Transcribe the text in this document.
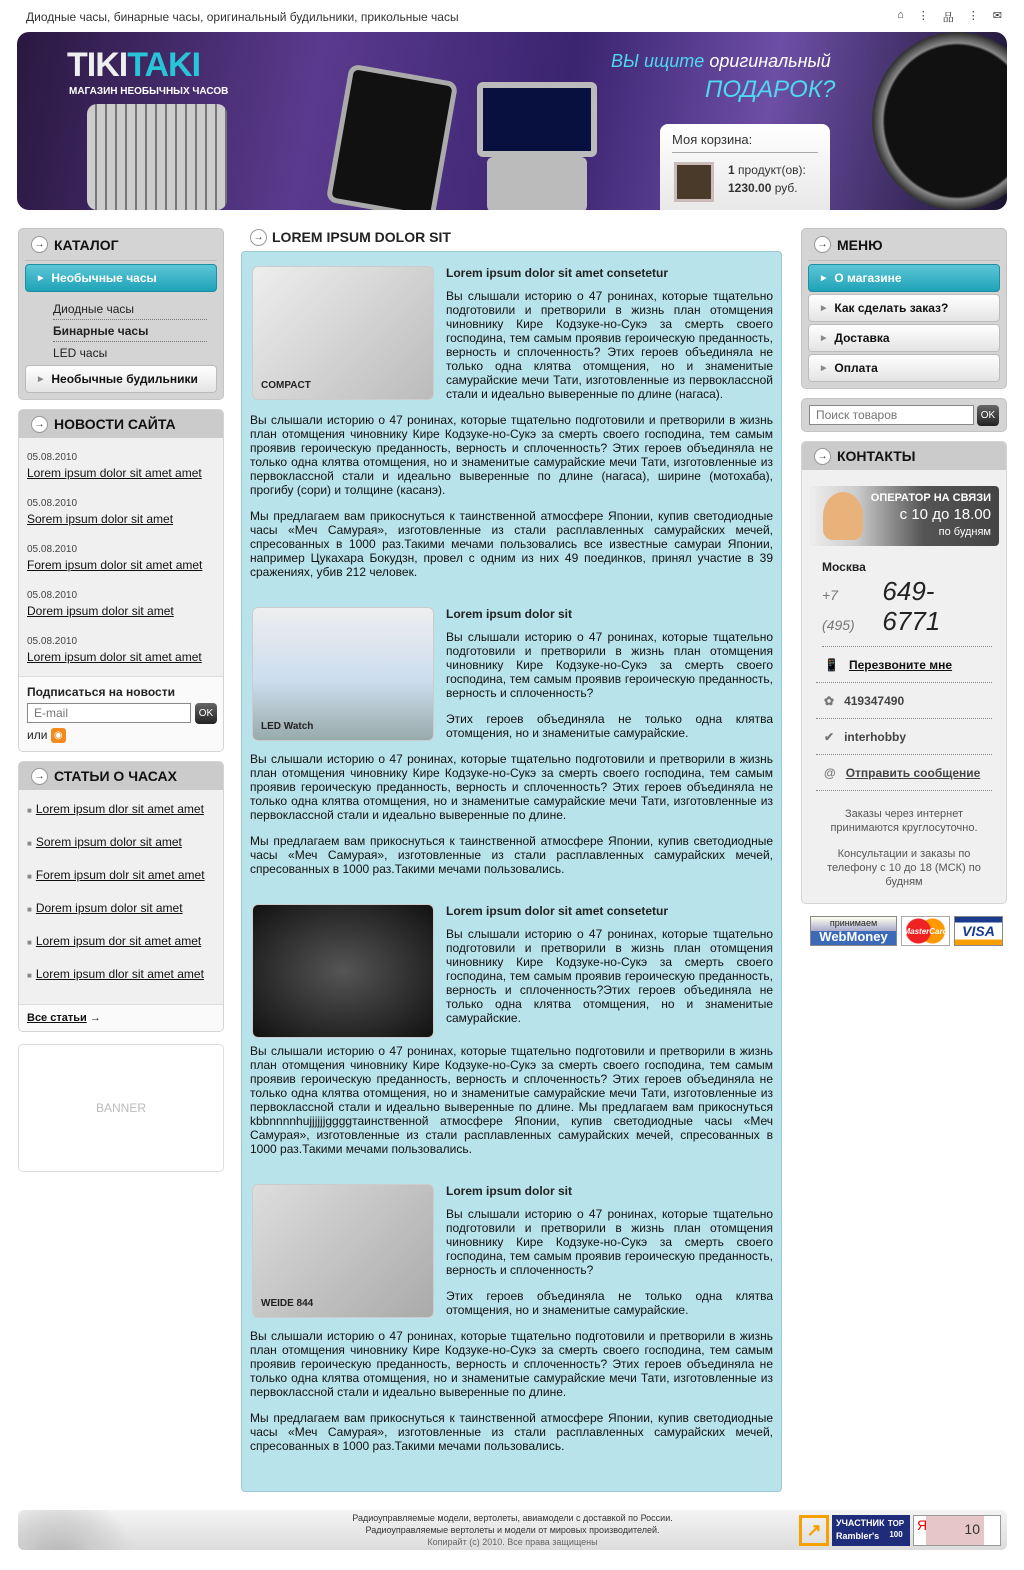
Диодные часы, бинарные часы, оригинальный будильники, прикольные часы	⌂ ⋮ 品 ⋮ ✉
TIKITAKI
МАГАЗИН НЕОБЫЧНЫХ ЧАСОВ
ВЫ ищите оригинальный
ПОДАРОК?
Моя корзина:
1 продукт(ов):
1230.00 руб.
→ КАТАЛОГ
▶ Необычные часы
Диодные часы
Бинарные часы
LED часы
▶ Необычные будильники
→ НОВОСТИ САЙТА
05.08.2010
Lorem ipsum dolor sit amet amet
05.08.2010
Sorem ipsum dolor sit amet
05.08.2010
Forem ipsum dolor sit amet amet
05.08.2010
Dorem ipsum dolor sit amet
05.08.2010
Lorem ipsum dolor sit amet amet
Подписаться на новости
E-mail
OK
или ◉
→ СТАТЬИ О ЧАСАХ
■ Lorem ipsum dlor sit amet amet
■ Sorem ipsum dolor sit amet
■ Forem ipsum dolr sit amet amet
■ Dorem ipsum dolor sit amet
■ Lorem ipsum dor sit amet amet
■ Lorem ipsum dlor sit amet amet
Все статьи →
BANNER
→ LOREM IPSUM DOLOR SIT
COMPACT
Lorem ipsum dolor sit amet consetetur

Вы слышали историю о 47 ронинах, которые тщательно подготовили и претворили в жизнь план отомщения чиновнику Кире Кодзуке-но-Сукэ за смерть своего господина, тем самым проявив героическую преданность, верность и сплоченность? Этих героев объединяла не только одна клятва отомщения, но и знаменитые самурайские мечи Тати, изготовленные из первоклассной стали и идеально выверенные по длине (нагаса).

Вы слышали историю о 47 ронинах, которые тщательно подготовили и претворили в жизнь план отомщения чиновнику Кире Кодзуке-но-Сукэ за смерть своего господина, тем самым проявив героическую преданность, верность и сплоченность? Этих героев объединяла не только одна клятва отомщения, но и знаменитые самурайские мечи Тати, изготовленные из первоклассной стали и идеально выверенные по длине (нагаса), ширине (мотохаба), прогибу (сори) и толщине (касанэ).

Мы предлагаем вам прикоснуться к таинственной атмосфере Японии, купив светодиодные часы «Меч Самурая», изготовленные из стали расплавленных самурайских мечей, спресованных в 1000 раз.Такими мечами пользовались все известные самураи Японии, например Цукахара Бокудзн, провел с одним из них 49 поединков, принял участие в 39 сражениях, убив 212 человек.

LED Watch
Lorem ipsum dolor sit

Вы слышали историю о 47 ронинах, которые тщательно подготовили и претворили в жизнь план отомщения чиновнику Кире Кодзуке-но-Сукэ за смерть своего господина, тем самым проявив героическую преданность, верность и сплоченность?

Этих героев объединяла не только одна клятва отомщения, но и знаменитые самурайские.

Вы слышали историю о 47 ронинах, которые тщательно подготовили и претворили в жизнь план отомщения чиновнику Кире Кодзуке-но-Сукэ за смерть своего господина, тем самым проявив героическую преданность, верность и сплоченность? Этих героев объединяла не только одна клятва отомщения, но и знаменитые самурайские мечи Тати, изготовленные из первоклассной стали и идеально выверенные по длине.

Мы предлагаем вам прикоснуться к таинственной атмосфере Японии, купив светодиодные часы «Меч Самурая», изготовленные из стали расплавленных самурайских мечей, спресованных в 1000 раз.Такими мечами пользовались.

Lorem ipsum dolor sit amet consetetur

Вы слышали историю о 47 ронинах, которые тщательно подготовили и претворили в жизнь план отомщения чиновнику Кире Кодзуке-но-Сукэ за смерть своего господина, тем самым проявив героическую преданность, верность и сплоченность?Этих героев объединяла не только одна клятва отомщения, но и знаменитые самурайские.

Вы слышали историю о 47 ронинах, которые тщательно подготовили и претворили в жизнь план отомщения чиновнику Кире Кодзуке-но-Сукэ за смерть своего господина, тем самым проявив героическую преданность, верность и сплоченность? Этих героев объединяла не только одна клятва отомщения, но и знаменитые самурайские мечи Тати, изготовленные из первоклассной стали и идеально выверенные по длине. Мы предлагаем вам прикоснуться kbbnnnnhujjjjjjggggтаинственной атмосфере Японии, купив светодиодные часы «Меч Самурая», изготовленные из стали расплавленных самурайских мечей, спресованных в 1000 раз.Такими мечами пользовались.

WEIDE 844
Lorem ipsum dolor sit

Вы слышали историю о 47 ронинах, которые тщательно подготовили и претворили в жизнь план отомщения чиновнику Кире Кодзуке-но-Сукэ за смерть своего господина, тем самым проявив героическую преданность, верность и сплоченность?

Этих героев объединяла не только одна клятва отомщения, но и знаменитые самурайские.

Вы слышали историю о 47 ронинах, которые тщательно подготовили и претворили в жизнь план отомщения чиновнику Кире Кодзуке-но-Сукэ за смерть своего господина, тем самым проявив героическую преданность, верность и сплоченность? Этих героев объединяла не только одна клятва отомщения, но и знаменитые самурайские мечи Тати, изготовленные из первоклассной стали и идеально выверенные по длине.

Мы предлагаем вам прикоснуться к таинственной атмосфере Японии, купив светодиодные часы «Меч Самурая», изготовленные из стали расплавленных самурайских мечей, спресованных в 1000 раз.Такими мечами пользовались.

→ МЕНЮ
▶ О магазине
▶ Как сделать заказ?
▶ Доставка
▶ Оплата
Поиск товаров
OK
→ КОНТАКТЫ
ОПЕРАТОР НА СВЯЗИ
с 10 до 18.00
по будням
Москва
+7 (495)
649-6771
📱 Перезвоните мне
✿ 419347490
✔ interhobby
@ Отправить сообщение
Заказы через интернет принимаются круглосуточно.
Консультации и заказы по телефону с 10 до 18 (МСК) по будням
принимаем
WebMoney	MasterCard	VISA
Радиоуправляемые модели, вертолеты, авиамодели с доставкой по России.
Радиоуправляемые вертолеты и модели от мировых производителей.
Копирайт (с) 2010. Все права защищены
↗	УЧАСТНИК
Rambler's
TOP 100
Я	10
